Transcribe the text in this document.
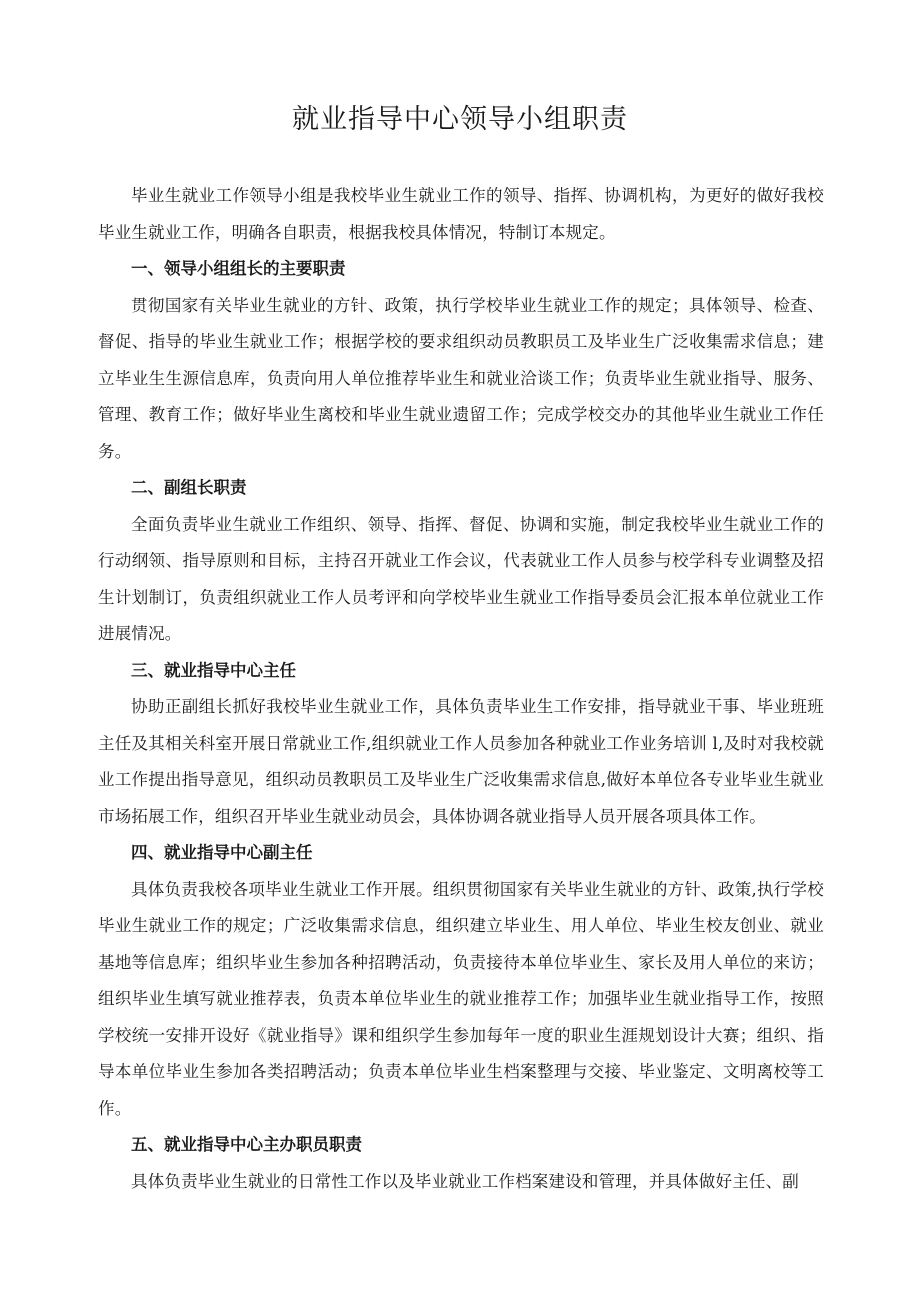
就业指导中心领导小组职责

毕业生就业工作领导小组是我校毕业生就业工作的领导、指挥、协调机构，为更好的做好我校毕业生就业工作，明确各自职责，根据我校具体情况，特制订本规定。

一、领导小组组长的主要职责

贯彻国家有关毕业生就业的方针、政策，执行学校毕业生就业工作的规定；具体领导、检查、督促、指导的毕业生就业工作；根据学校的要求组织动员教职员工及毕业生广泛收集需求信息；建立毕业生生源信息库，负责向用人单位推荐毕业生和就业洽谈工作；负责毕业生就业指导、服务、管理、教育工作；做好毕业生离校和毕业生就业遗留工作；完成学校交办的其他毕业生就业工作任务。

二、副组长职责

全面负责毕业生就业工作组织、领导、指挥、督促、协调和实施，制定我校毕业生就业工作的行动纲领、指导原则和目标，主持召开就业工作会议，代表就业工作人员参与校学科专业调整及招生计划制订，负责组织就业工作人员考评和向学校毕业生就业工作指导委员会汇报本单位就业工作进展情况。

三、就业指导中心主任

协助正副组长抓好我校毕业生就业工作，具体负责毕业生工作安排，指导就业干事、毕业班班主任及其相关科室开展日常就业工作,组织就业工作人员参加各种就业工作业务培训 l,及时对我校就业工作提出指导意见，组织动员教职员工及毕业生广泛收集需求信息,做好本单位各专业毕业生就业市场拓展工作，组织召开毕业生就业动员会，具体协调各就业指导人员开展各项具体工作。

四、就业指导中心副主任

具体负责我校各项毕业生就业工作开展。组织贯彻国家有关毕业生就业的方针、政策,执行学校毕业生就业工作的规定；广泛收集需求信息，组织建立毕业生、用人单位、毕业生校友创业、就业基地等信息库；组织毕业生参加各种招聘活动，负责接待本单位毕业生、家长及用人单位的来访；组织毕业生填写就业推荐表，负责本单位毕业生的就业推荐工作；加强毕业生就业指导工作，按照学校统一安排开设好《就业指导》课和组织学生参加每年一度的职业生涯规划设计大赛；组织、指导本单位毕业生参加各类招聘活动；负责本单位毕业生档案整理与交接、毕业鉴定、文明离校等工作。

五、就业指导中心主办职员职责

具体负责毕业生就业的日常性工作以及毕业就业工作档案建设和管理，并具体做好主任、副
